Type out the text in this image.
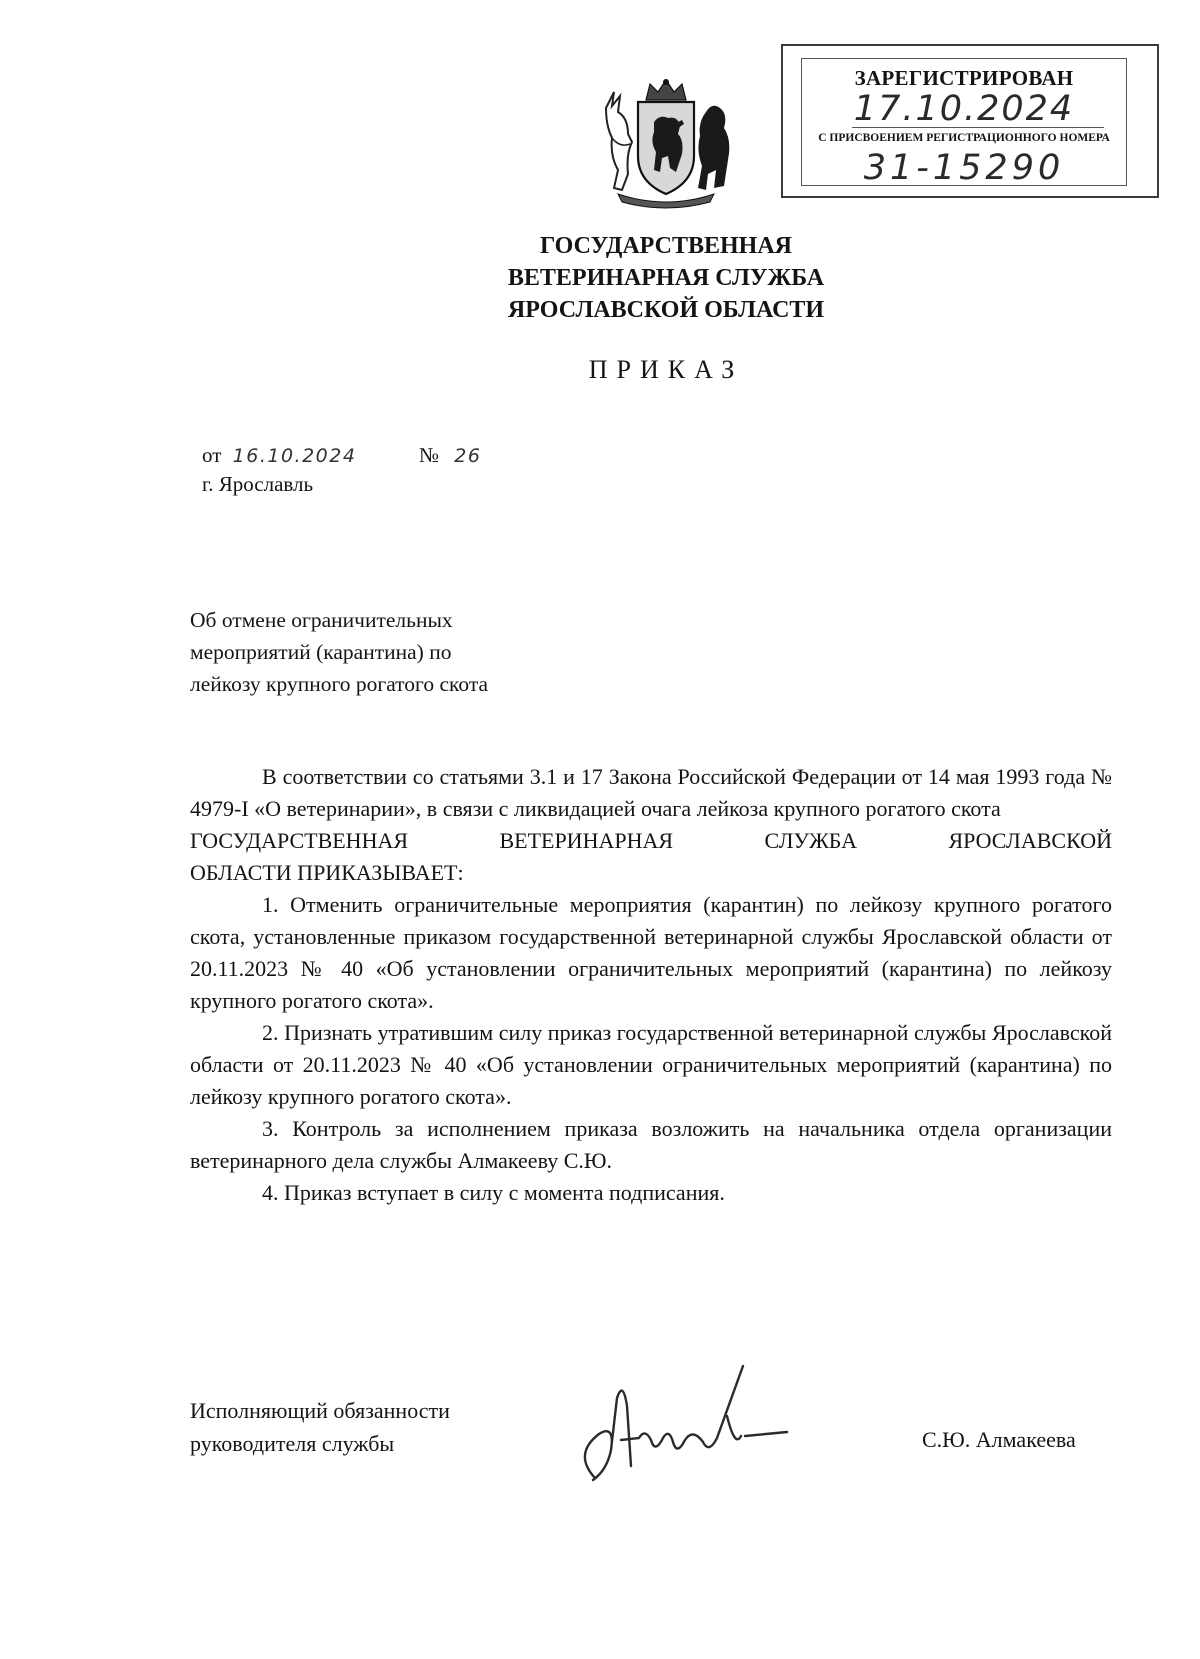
ЗАРЕГИСТРИРОВАН
17.10.2024
С ПРИСВОЕНИЕМ РЕГИСТРАЦИОННОГО НОМЕРА
31-15290
ГОСУДАРСТВЕННАЯ
ВЕТЕРИНАРНАЯ СЛУЖБА
ЯРОСЛАВСКОЙ ОБЛАСТИ
ПРИКАЗ
от 16.10.2024	№ 26
г. Ярославль
Об отмене ограничительных
мероприятий (карантина) по
лейкозу крупного рогатого скота

В соответствии со статьями 3.1 и 17 Закона Российской Федерации от 14 мая 1993 года № 4979-I «О ветеринарии», в связи с ликвидацией очага лейкоза крупного рогатого скота

ГОСУДАРСТВЕННАЯ ВЕТЕРИНАРНАЯ СЛУЖБА ЯРОСЛАВСКОЙ

ОБЛАСТИ ПРИКАЗЫВАЕТ:

1. Отменить ограничительные мероприятия (карантин) по лейкозу крупного рогатого скота, установленные приказом государственной ветеринарной службы Ярославской области от 20.11.2023 № 40 «Об установлении ограничительных мероприятий (карантина) по лейкозу крупного рогатого скота».

2. Признать утратившим силу приказ государственной ветеринарной службы Ярославской области от 20.11.2023 № 40 «Об установлении ограничительных мероприятий (карантина) по лейкозу крупного рогатого скота».

3. Контроль за исполнением приказа возложить на начальника отдела организации ветеринарного дела службы Алмакееву С.Ю.

4. Приказ вступает в силу с момента подписания.

Исполняющий обязанности
руководителя службы	С.Ю. Алмакеева
